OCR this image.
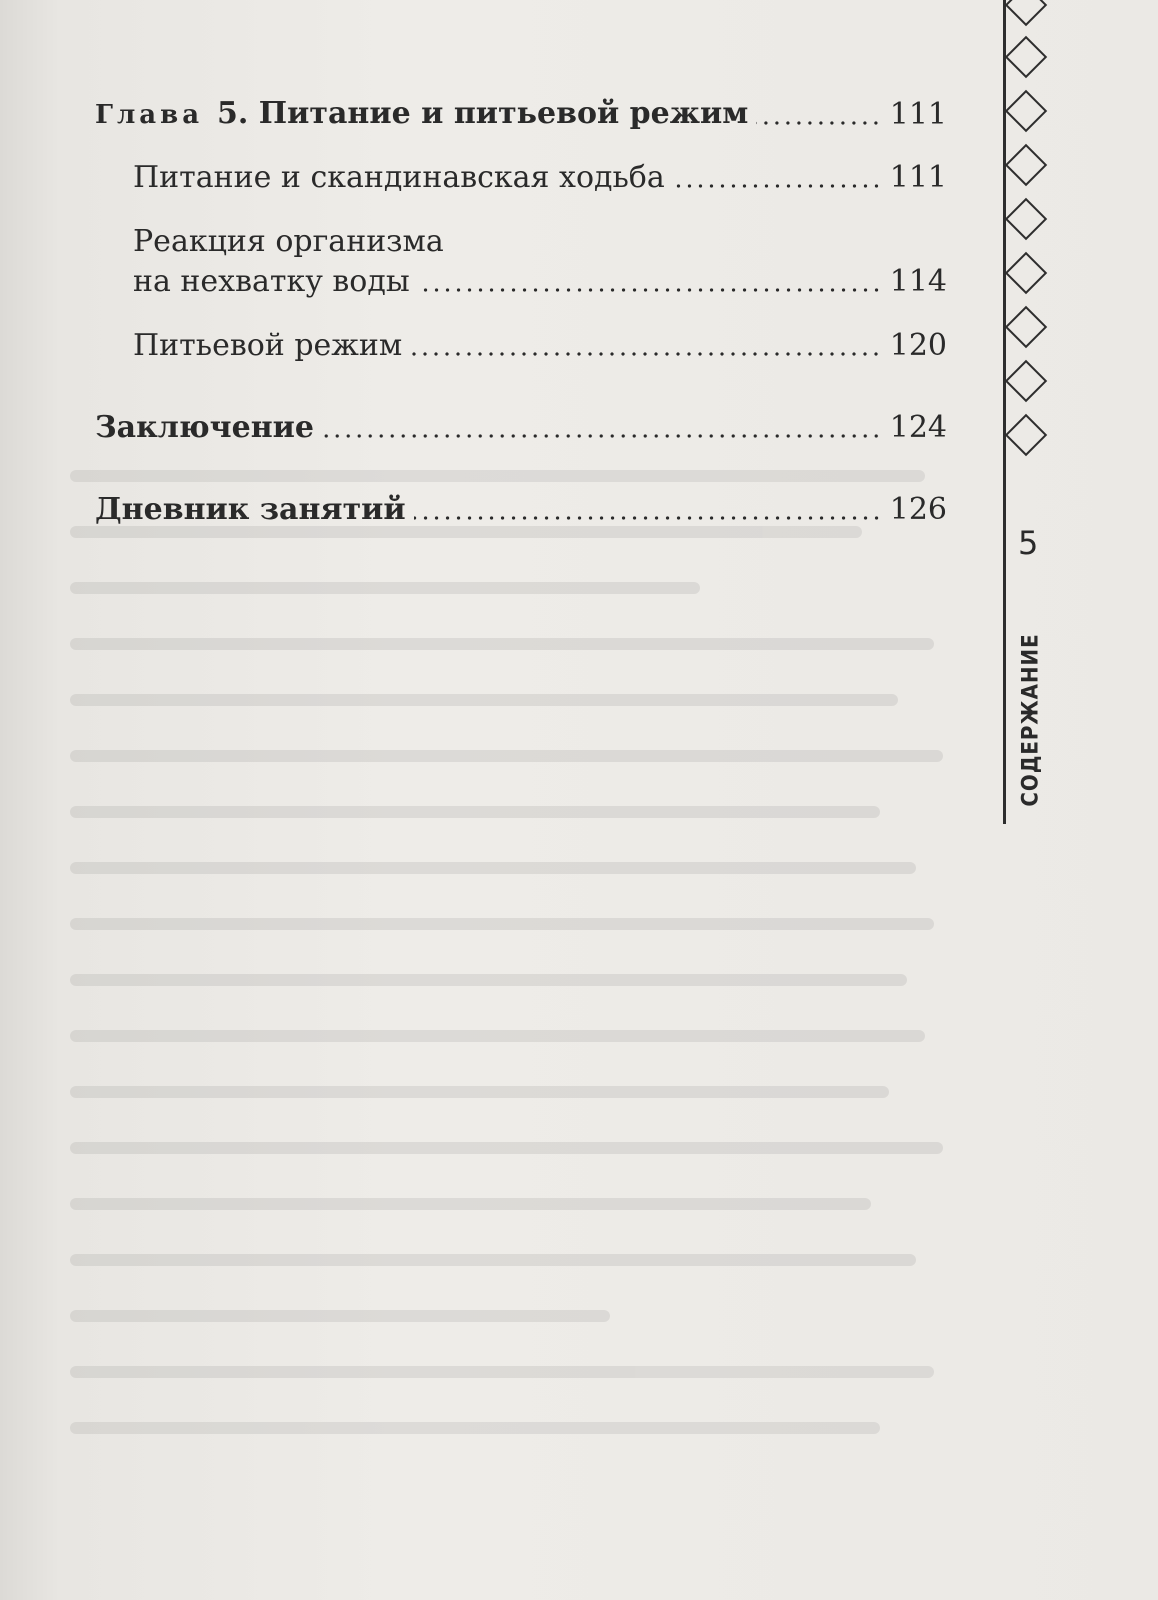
Глава 5. Питание и питьевой режим	111
Питание и скандинавская ходьба	111
Реакция организма
на нехватку воды	114
Питьевой режим	120
Заключение	124
Дневник занятий	126
5
СОДЕРЖАНИЕ
